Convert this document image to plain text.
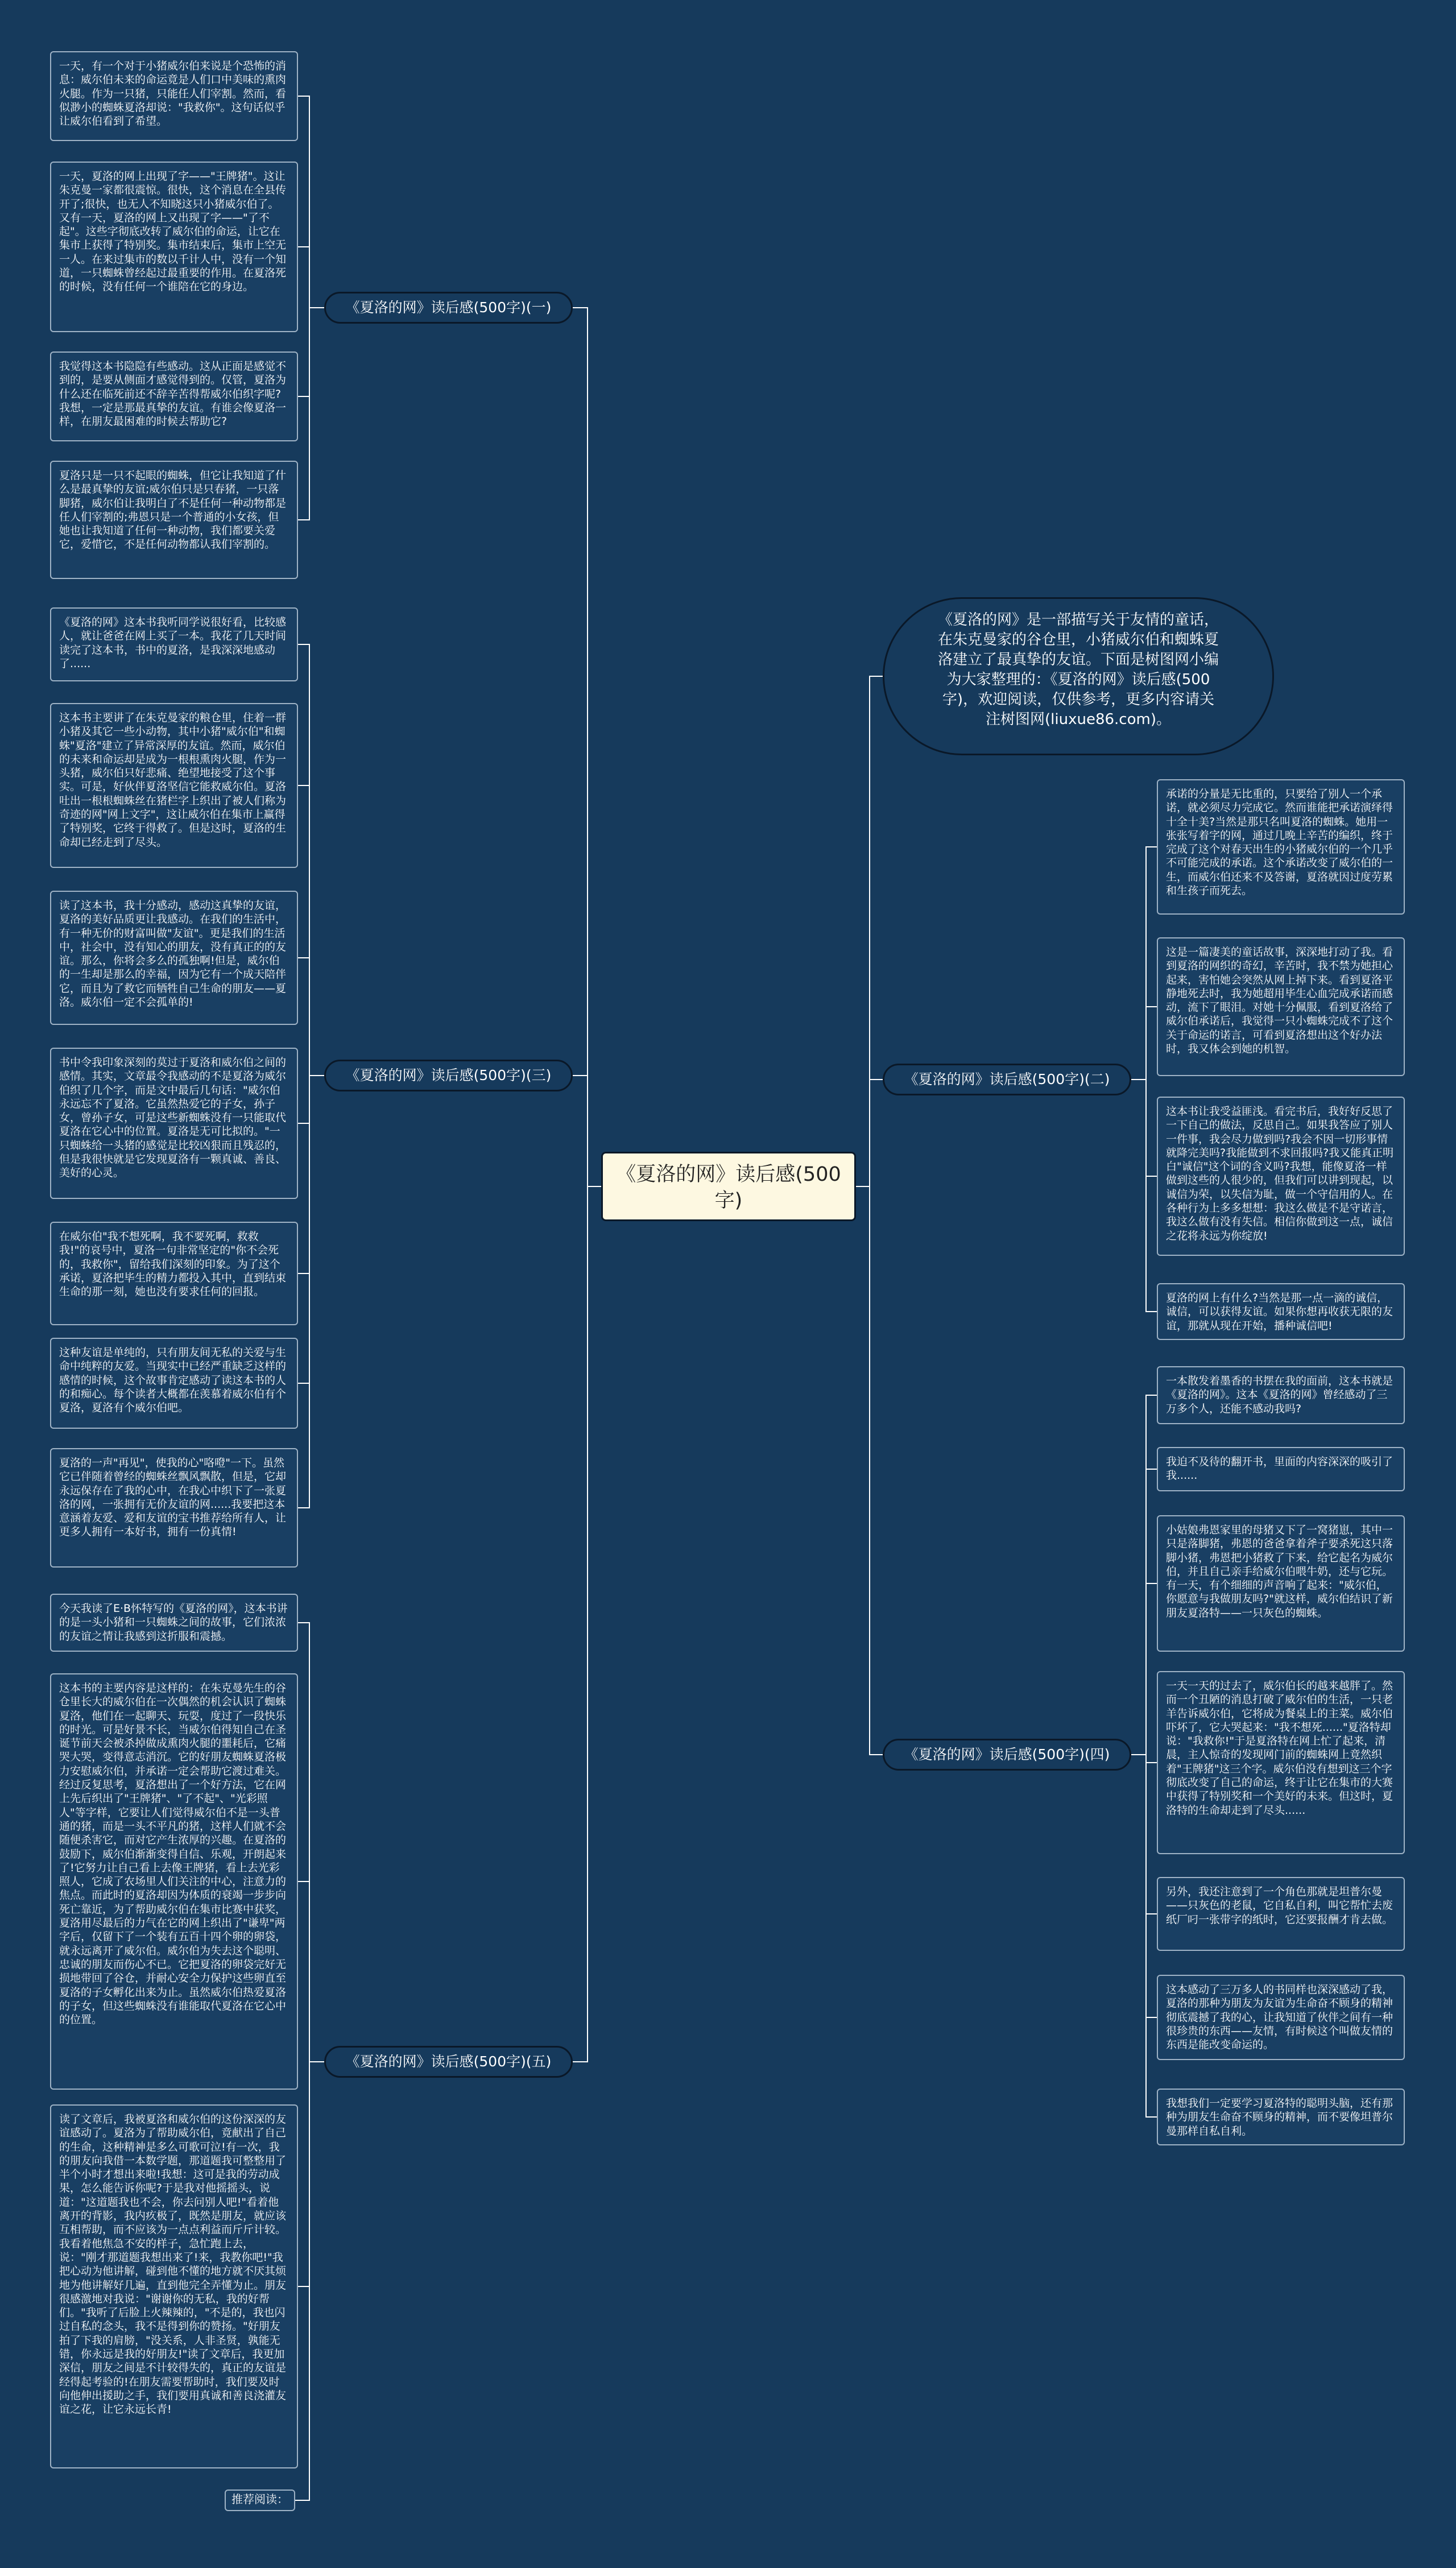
《夏洛的网》读后感(500字)
《夏洛的网》是一部描写关于友情的童话，在朱克曼家的谷仓里，小猪威尔伯和蜘蛛夏洛建立了最真挚的友谊。下面是树图网小编为大家整理的：《夏洛的网》读后感(500字)，欢迎阅读，仅供参考，更多内容请关注树图网(liuxue86.com)。
《夏洛的网》读后感(500字)(一)
一天，有一个对于小猪威尔伯来说是个恐怖的消息：威尔伯未来的命运竟是人们口中美味的熏肉火腿。作为一只猪，只能任人们宰割。然而，看似渺小的蜘蛛夏洛却说："我救你"。这句话似乎让威尔伯看到了希望。
一天，夏洛的网上出现了字——"王牌猪"。这让朱克曼一家都很震惊。很快，这个消息在全县传开了;很快，也无人不知晓这只小猪威尔伯了。又有一天，夏洛的网上又出现了字——"了不起"。这些字彻底改转了威尔伯的命运，让它在集市上获得了特别奖。集市结束后，集市上空无一人。在来过集市的数以千计人中，没有一个知道，一只蜘蛛曾经起过最重要的作用。在夏洛死的时候，没有任何一个谁陪在它的身边。
我觉得这本书隐隐有些感动。这从正面是感觉不到的，是要从侧面才感觉得到的。仅管，夏洛为什么还在临死前还不辞辛苦得帮威尔伯织字呢?我想，一定是那最真挚的友谊。有谁会像夏洛一样，在朋友最困难的时候去帮助它?
夏洛只是一只不起眼的蜘蛛，但它让我知道了什么是最真挚的友谊;威尔伯只是只春猪，一只落脚猪，威尔伯让我明白了不是任何一种动物都是任人们宰割的;弗恩只是一个普通的小女孩，但她也让我知道了任何一种动物，我们都要关爱它，爱惜它，不是任何动物都认我们宰割的。
《夏洛的网》读后感(500字)(三)
《夏洛的网》这本书我听同学说很好看，比较感人，就让爸爸在网上买了一本。我花了几天时间读完了这本书，书中的夏洛，是我深深地感动了......
这本书主要讲了在朱克曼家的粮仓里，住着一群小猪及其它一些小动物，其中小猪"威尔伯"和蜘蛛"夏洛"建立了异常深厚的友谊。然而，威尔伯的未来和命运却是成为一根根熏肉火腿，作为一头猪，威尔伯只好悲痛、绝望地接受了这个事实。可是，好伙伴夏洛坚信它能救威尔伯。夏洛吐出一根根蜘蛛丝在猪栏字上织出了被人们称为奇迹的网"网上文字"，这让威尔伯在集市上赢得了特别奖，它终于得救了。但是这时，夏洛的生命却已经走到了尽头。
读了这本书，我十分感动，感动这真挚的友谊，夏洛的美好品质更让我感动。在我们的生活中，有一种无价的财富叫做"友谊"。更是我们的生活中，社会中，没有知心的朋友，没有真正的的友谊。那么，你将会多么的孤独啊!但是，威尔伯的一生却是那么的幸福，因为它有一个成天陪伴它，而且为了救它而牺牲自己生命的朋友——夏洛。威尔伯一定不会孤单的!
书中令我印象深刻的莫过于夏洛和威尔伯之间的感情。其实，文章最令我感动的不是夏洛为威尔伯织了几个字，而是文中最后几句话："威尔伯永远忘不了夏洛。它虽然热爱它的子女，孙子女，曾孙子女，可是这些新蜘蛛没有一只能取代夏洛在它心中的位置。夏洛是无可比拟的。"一只蜘蛛给一头猪的感觉是比较凶狠而且残忍的，但是我很快就是它发现夏洛有一颗真诚、善良、美好的心灵。
在威尔伯"我不想死啊，我不要死啊，救救我!"的哀号中，夏洛一句非常坚定的"你不会死的，我救你"，留给我们深刻的印象。为了这个承诺，夏洛把毕生的精力都投入其中，直到结束生命的那一刻，她也没有要求任何的回报。
这种友谊是单纯的，只有朋友间无私的关爱与生命中纯粹的友爱。当现实中已经严重缺乏这样的感情的时候，这个故事肯定感动了读这本书的人的和痴心。每个读者大概都在羡慕着威尔伯有个夏洛，夏洛有个威尔伯吧。
夏洛的一声"再见"，使我的心"咯噔"一下。虽然它已伴随着曾经的蜘蛛丝飘风飘散，但是，它却永远保存在了我的心中，在我心中织下了一张夏洛的网，一张拥有无价友谊的网......我要把这本意涵着友爱、爱和友谊的宝书推荐给所有人，让更多人拥有一本好书，拥有一份真情!
《夏洛的网》读后感(500字)(五)
今天我读了E·B怀特写的《夏洛的网》，这本书讲的是一头小猪和一只蜘蛛之间的故事，它们浓浓的友谊之情让我感到这折服和震撼。
这本书的主要内容是这样的：在朱克曼先生的谷仓里长大的威尔伯在一次偶然的机会认识了蜘蛛夏洛，他们在一起聊天、玩耍，度过了一段快乐的时光。可是好景不长，当威尔伯得知自己在圣诞节前天会被杀掉做成熏肉火腿的噩耗后，它痛哭大哭，变得意志消沉。它的好朋友蜘蛛夏洛极力安慰威尔伯，并承诺一定会帮助它渡过难关。经过反复思考，夏洛想出了一个好方法，它在网上先后织出了"王牌猪"、"了不起"、"光彩照人"等字样，它要让人们觉得威尔伯不是一头普通的猪，而是一头不平凡的猪，这样人们就不会随便杀害它，而对它产生浓厚的兴趣。在夏洛的鼓励下，威尔伯渐渐变得自信、乐观，开朗起来了!它努力让自己看上去像王牌猪，看上去光彩照人，它成了农场里人们关注的中心，注意力的焦点。而此时的夏洛却因为体质的衰竭一步步向死亡靠近，为了帮助威尔伯在集市比赛中获奖，夏洛用尽最后的力气在它的网上织出了"谦卑"两字后，仅留下了一个装有五百十四个卵的卵袋，就永远离开了威尔伯。威尔伯为失去这个聪明、忠诚的朋友而伤心不已。它把夏洛的卵袋完好无损地带回了谷仓，并耐心安全力保护这些卵直至夏洛的子女孵化出来为止。虽然威尔伯热爱夏洛的子女，但这些蜘蛛没有谁能取代夏洛在它心中的位置。
读了文章后，我被夏洛和威尔伯的这份深深的友谊感动了。夏洛为了帮助威尔伯，竟献出了自己的生命，这种精神是多么可歌可泣!有一次，我的朋友向我借一本数学题，那道题我可整整用了半个小时才想出来啦!我想：这可是我的劳动成果，怎么能告诉你呢?于是我对他摇摇头，说道："这道题我也不会，你去问别人吧!"看着他离开的背影，我内疚极了，既然是朋友，就应该互相帮助，而不应该为一点点利益而斤斤计较。我看着他焦急不安的样子，急忙跑上去，说："刚才那道题我想出来了!来，我教你吧!"我把心动为他讲解，碰到他不懂的地方就不厌其烦地为他讲解好几遍，直到他完全弄懂为止。朋友很感激地对我说："谢谢你的无私，我的好帮们。"我听了后脸上火辣辣的，"不是的，我也闪过自私的念头，我不是得到你的赞扬。"好朋友拍了下我的肩膀，"没关系，人非圣贤，孰能无错，你永远是我的好朋友!"读了文章后，我更加深信，朋友之间是不计较得失的，真正的友谊是经得起考验的!在朋友需要帮助时，我们要及时向他伸出援助之手，我们要用真诚和善良浇灌友谊之花，让它永远长青!
推荐阅读：
《夏洛的网》读后感(500字)(二)
承诺的分量是无比重的，只要给了别人一个承诺，就必须尽力完成它。然而谁能把承诺演绎得十全十美?当然是那只名叫夏洛的蜘蛛。她用一张张写着字的网，通过几晚上辛苦的编织，终于完成了这个对春天出生的小猪威尔伯的一个几乎不可能完成的承诺。这个承诺改变了威尔伯的一生，而威尔伯还来不及答谢，夏洛就因过度劳累和生孩子而死去。
这是一篇凄美的童话故事，深深地打动了我。看到夏洛的网织的奇幻，辛苦时，我不禁为她担心起来，害怕她会突然从网上掉下来。看到夏洛平静地死去时，我为她超用毕生心血完成承诺而感动，流下了眼泪。对她十分佩服，看到夏洛给了威尔伯承诺后，我觉得一只小蜘蛛完成不了这个关于命运的诺言，可看到夏洛想出这个好办法时，我又体会到她的机智。
这本书让我受益匪浅。看完书后，我好好反思了一下自己的做法，反思自己。如果我答应了别人一件事，我会尽力做到吗?我会不因一切形事情就降完美吗?我能做到不求回报吗?我又能真正明白"诚信"这个词的含义吗?我想，能像夏洛一样做到这些的人很少的，但我们可以讲到现起，以诚信为荣，以失信为耻，做一个守信用的人。在各种行为上多多想想：我这么做是不是守诺言，我这么做有没有失信。相信你做到这一点，诚信之花将永远为你绽放!
夏洛的网上有什么?当然是那一点一滴的诚信，诚信，可以获得友谊。如果你想再收获无限的友谊，那就从现在开始，播种诚信吧!
《夏洛的网》读后感(500字)(四)
一本散发着墨香的书摆在我的面前，这本书就是《夏洛的网》。这本《夏洛的网》曾经感动了三万多个人，还能不感动我吗?
我迫不及待的翻开书，里面的内容深深的吸引了我......
小姑娘弗恩家里的母猪又下了一窝猪崽，其中一只是落脚猪，弗恩的爸爸拿着斧子要杀死这只落脚小猪，弗恩把小猪救了下来，给它起名为威尔伯，并且自己亲手给威尔伯喂牛奶，还与它玩。有一天，有个细细的声音响了起来："威尔伯，你愿意与我做朋友吗?"就这样，威尔伯结识了新朋友夏洛特——一只灰色的蜘蛛。
一天一天的过去了，威尔伯长的越来越胖了。然而一个丑陋的消息打破了威尔伯的生活，一只老羊告诉威尔伯，它将成为餐桌上的主菜。威尔伯吓坏了，它大哭起来："我不想死......"夏洛特却说："我救你!"于是夏洛特在网上忙了起来，清晨，主人惊奇的发现网门前的蜘蛛网上竟然织着"王牌猪"这三个字。威尔伯没有想到这三个字彻底改变了自己的命运，终于让它在集市的大赛中获得了特别奖和一个美好的未来。但这时，夏洛特的生命却走到了尽头......
另外，我还注意到了一个角色那就是坦普尔曼——只灰色的老鼠，它自私自利，叫它帮忙去废纸厂叼一张带字的纸时，它还要报酬才肯去做。
这本感动了三万多人的书同样也深深感动了我，夏洛的那种为朋友为友谊为生命奋不顾身的精神彻底震撼了我的心，让我知道了伙伴之间有一种很珍贵的东西——友情，有时候这个叫做友情的东西是能改变命运的。
我想我们一定要学习夏洛特的聪明头脑，还有那种为朋友生命奋不顾身的精神，而不要像坦普尔曼那样自私自利。
